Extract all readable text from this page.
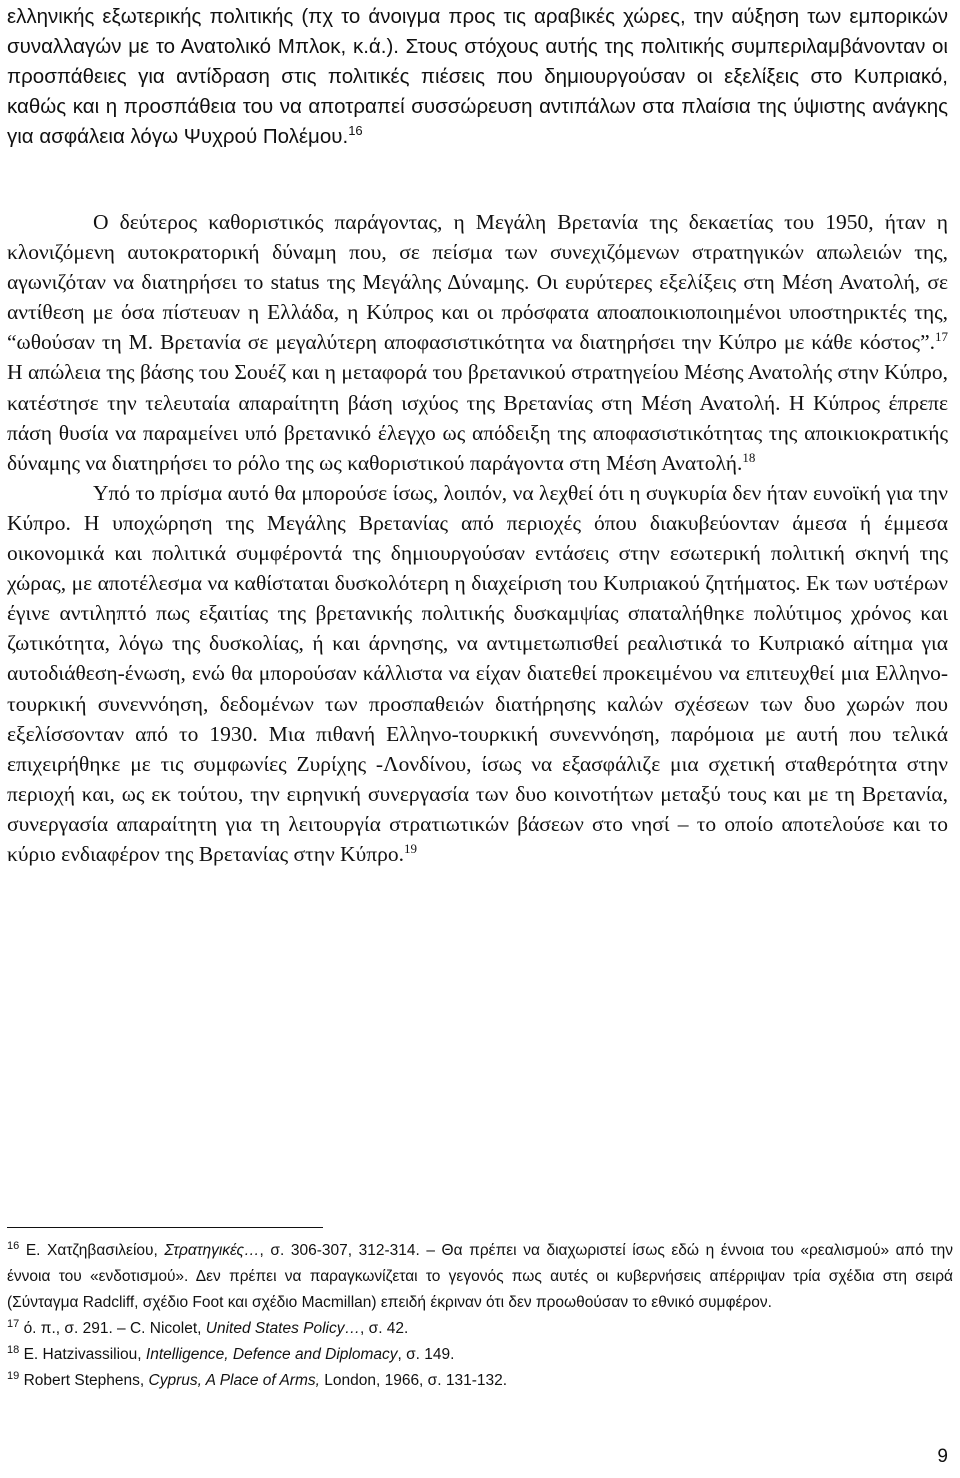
ελληνικής εξωτερικής πολιτικής (πχ το άνοιγμα προς τις αραβικές χώρες, την αύξηση των εμπορικών συναλλαγών με το Ανατολικό Μπλοκ, κ.ά.). Στους στόχους αυτής της πολιτικής συμπεριλαμβάνονταν οι προσπάθειες για αντίδραση στις πολιτικές πιέσεις που δημιουργούσαν οι εξελίξεις στο Κυπριακό, καθώς και η προσπάθεια του να αποτραπεί συσσώρευση αντιπάλων στα πλαίσια της ύψιστης ανάγκης για ασφάλεια λόγω Ψυχρού Πολέμου.$^{16}$

Ο δεύτερος καθοριστικός παράγοντας, η Μεγάλη Βρετανία της δεκαετίας του 1950, ήταν η κλονιζόμενη αυτοκρατορική δύναμη που, σε πείσμα των συνεχιζόμενων στρατηγικών απωλειών της, αγωνιζόταν να διατηρήσει το status της Μεγάλης Δύναμης. Οι ευρύτερες εξελίξεις στη Μέση Ανατολή, σε αντίθεση με όσα πίστευαν η Ελλάδα, η Κύπρος και οι πρόσφατα αποαποικιοποιημένοι υποστηρικτές της, “ωθούσαν τη Μ. Βρετανία σε μεγαλύτερη αποφασιστικότητα να διατηρήσει την Κύπρο με κάθε κόστος”.$^{17}$ Η απώλεια της βάσης του Σουέζ και η μεταφορά του βρετανικού στρατηγείου Μέσης Ανατολής στην Κύπρο, κατέστησε την τελευταία απαραίτητη βάση ισχύος της Βρετανίας στη Μέση Ανατολή. Η Κύπρος έπρεπε πάση θυσία να παραμείνει υπό βρετανικό έλεγχο ως απόδειξη της αποφασιστικότητας της αποικιοκρατικής δύναμης να διατηρήσει το ρόλο της ως καθοριστικού παράγοντα στη Μέση Ανατολή.$^{18}$

Υπό το πρίσμα αυτό θα μπορούσε ίσως, λοιπόν, να λεχθεί ότι η συγκυρία δεν ήταν ευνοϊκή για την Κύπρο. Η υποχώρηση της Μεγάλης Βρετανίας από περιοχές όπου διακυβεύονταν άμεσα ή έμμεσα οικονομικά και πολιτικά συμφέροντά της δημιουργούσαν εντάσεις στην εσωτερική πολιτική σκηνή της χώρας, με αποτέλεσμα να καθίσταται δυσκολότερη η διαχείριση του Κυπριακού ζητήματος. Εκ των υστέρων έγινε αντιληπτό πως εξαιτίας της βρετανικής πολιτικής δυσκαμψίας σπαταλήθηκε πολύτιμος χρόνος και ζωτικότητα, λόγω της δυσκολίας, ή και άρνησης, να αντιμετωπισθεί ρεαλιστικά το Κυπριακό αίτημα για αυτοδιάθεση-ένωση, ενώ θα μπορούσαν κάλλιστα να είχαν διατεθεί προκειμένου να επιτευχθεί μια Ελληνο-τουρκική συνεννόηση, δεδομένων των προσπαθειών διατήρησης καλών σχέσεων των δυο χωρών που εξελίσσονταν από το 1930. Μια πιθανή Ελληνο-τουρκική συνεννόηση, παρόμοια με αυτή που τελικά επιχειρήθηκε με τις συμφωνίες Ζυρίχης -Λονδίνου, ίσως να εξασφάλιζε μια σχετική σταθερότητα στην περιοχή και, ως εκ τούτου, την ειρηνική συνεργασία των δυο κοινοτήτων μεταξύ τους και με τη Βρετανία, συνεργασία απαραίτητη για τη λειτουργία στρατιωτικών βάσεων στο νησί – το οποίο αποτελούσε και το κύριο ενδιαφέρον της Βρετανίας στην Κύπρο.$^{19}$

$^{16}$ Ε. Χατζηβασιλείου, Στρατηγικές…, σ. 306-307, 312-314. – Θα πρέπει να διαχωριστεί ίσως εδώ η έννοια του «ρεαλισμού» από την έννοια του «ενδοτισμού». Δεν πρέπει να παραγκωνίζεται το γεγονός πως αυτές οι κυβερνήσεις απέρριψαν τρία σχέδια στη σειρά (Σύνταγμα Radcliff, σχέδιο Foot και σχέδιο Macmillan) επειδή έκριναν ότι δεν προωθούσαν το εθνικό συμφέρον.

$^{17}$ ό. π., σ. 291. – C. Nicolet, United States Policy…, σ. 42.

$^{18}$ E. Hatzivassiliou, Intelligence, Defence and Diplomacy, σ. 149.

$^{19}$ Robert Stephens, Cyprus, A Place of Arms, London, 1966, σ. 131-132.

9
